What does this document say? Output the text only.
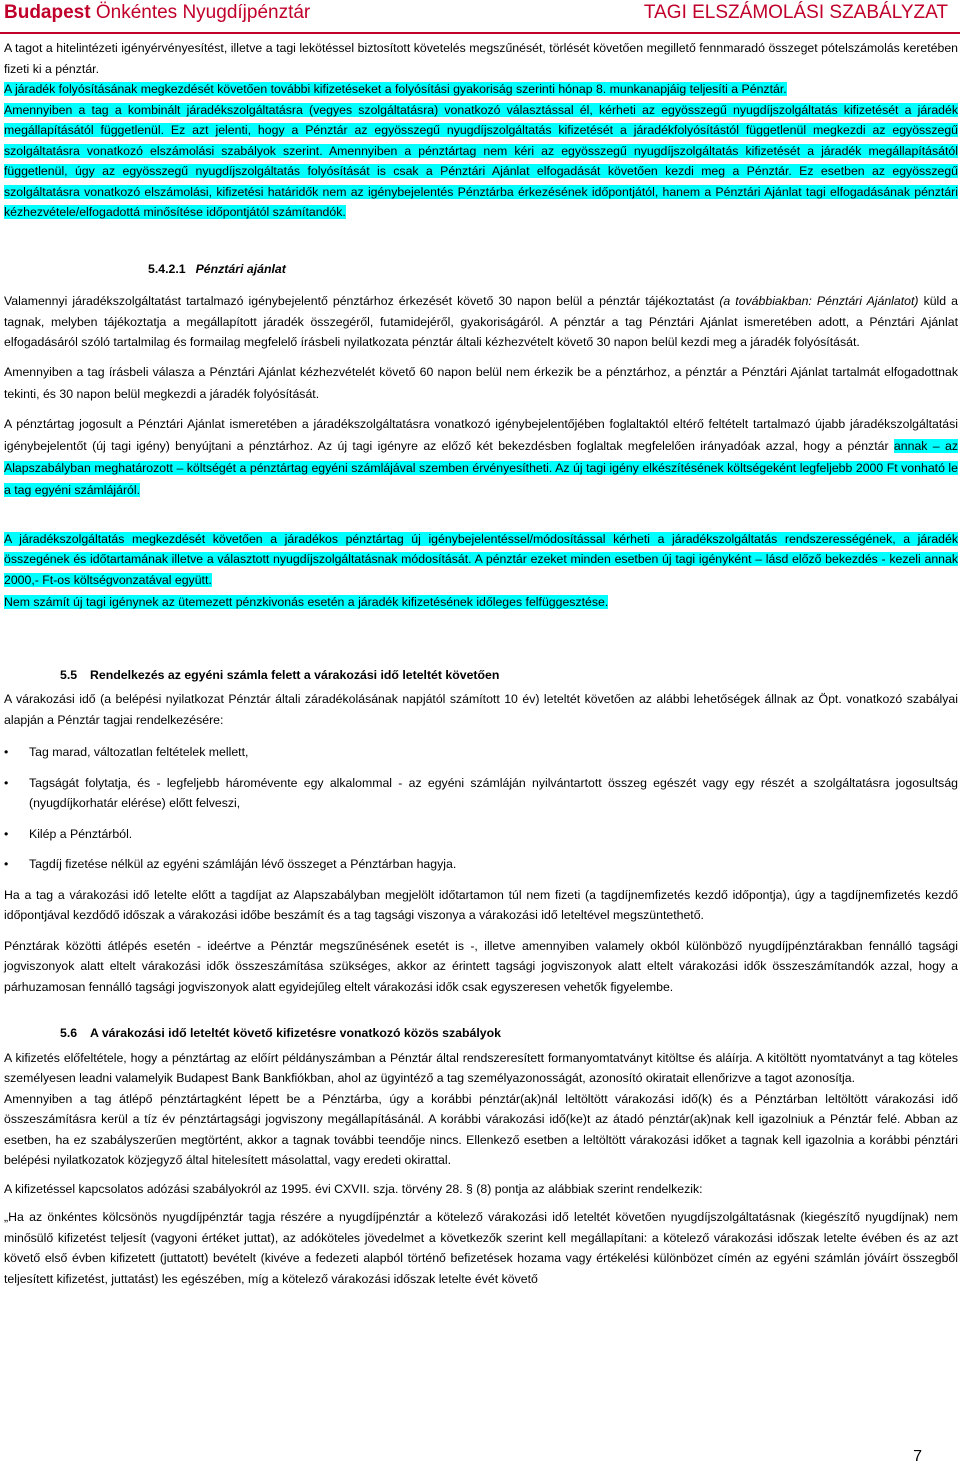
Budapest Önkéntes Nyugdíjpénztár	TAGI ELSZÁMOLÁSI SZABÁLYZAT

A tagot a hitelintézeti igényérvényesítést, illetve a tagi lekötéssel biztosított követelés megszűnését, törlését követően megillető fennmaradó összeget pótelszámolás keretében fizeti ki a pénztár.

A járadék folyósításának megkezdését követően további kifizetéseket a folyósítási gyakoriság szerinti hónap 8. munkanapjáig teljesíti a Pénztár.

Amennyiben a tag a kombinált járadékszolgáltatásra (vegyes szolgáltatásra) vonatkozó választással él, kérheti az egyösszegű nyugdíjszolgáltatás kifizetését a járadék megállapításától függetlenül. Ez azt jelenti, hogy a Pénztár az egyösszegű nyugdíjszolgáltatás kifizetését a járadékfolyósítástól függetlenül megkezdi az egyösszegű szolgáltatásra vonatkozó elszámolási szabályok szerint. Amennyiben a pénztártag nem kéri az egyösszegű nyugdíjszolgáltatás kifizetését a járadék megállapításától függetlenül, úgy az egyösszegű nyugdíjszolgáltatás folyósítását is csak a Pénztári Ajánlat elfogadását követően kezdi meg a Pénztár. Ez esetben az egyösszegű szolgáltatásra vonatkozó elszámolási, kifizetési határidők nem az igénybejelentés Pénztárba érkezésének időpontjától, hanem a Pénztári Ajánlat tagi elfogadásának pénztári kézhezvétele/elfogadottá minősítése időpontjától számítandók.

5.4.2.1 Pénztári ajánlat

Valamennyi járadékszolgáltatást tartalmazó igénybejelentő pénztárhoz érkezését követő 30 napon belül a pénztár tájékoztatást (a továbbiakban: Pénztári Ajánlatot) küld a tagnak, melyben tájékoztatja a megállapított járadék összegéről, futamidejéről, gyakoriságáról. A pénztár a tag Pénztári Ajánlat ismeretében adott, a Pénztári Ajánlat elfogadásáról szóló tartalmilag és formailag megfelelő írásbeli nyilatkozata pénztár általi kézhezvételt követő 30 napon belül kezdi meg a járadék folyósítását.

Amennyiben a tag írásbeli válasza a Pénztári Ajánlat kézhezvételét követő 60 napon belül nem érkezik be a pénztárhoz, a pénztár a Pénztári Ajánlat tartalmát elfogadottnak tekinti, és 30 napon belül megkezdi a járadék folyósítását.

A pénztártag jogosult a Pénztári Ajánlat ismeretében a járadékszolgáltatásra vonatkozó igénybejelentőjében foglaltaktól eltérő feltételt tartalmazó újabb járadékszolgáltatási igénybejelentőt (új tagi igény) benyújtani a pénztárhoz. Az új tagi igényre az előző két bekezdésben foglaltak megfelelően irányadóak azzal, hogy a pénztár annak – az Alapszabályban meghatározott – költségét a pénztártag egyéni számlájával szemben érvényesítheti. Az új tagi igény elkészítésének költségeként legfeljebb 2000 Ft vonható le a tag egyéni számlájáról.

A járadékszolgáltatás megkezdését követően a járadékos pénztártag új igénybejelentéssel/módosítással kérheti a járadékszolgáltatás rendszerességének, a járadék összegének és időtartamának illetve a választott nyugdíjszolgáltatásnak módosítását. A pénztár ezeket minden esetben új tagi igényként – lásd előző bekezdés - kezeli annak 2000,- Ft-os költségvonzatával együtt.

Nem számít új tagi igénynek az ütemezett pénzkivonás esetén a járadék kifizetésének időleges felfüggesztése.

5.5 Rendelkezés az egyéni számla felett a várakozási idő leteltét követően

A várakozási idő (a belépési nyilatkozat Pénztár általi záradékolásának napjától számított 10 év) leteltét követően az alábbi lehetőségek állnak az Öpt. vonatkozó szabályai alapján a Pénztár tagjai rendelkezésére:

• Tag marad, változatlan feltételek mellett,
• Tagságát folytatja, és - legfeljebb háromévente egy alkalommal - az egyéni számláján nyilvántartott összeg egészét vagy egy részét a szolgáltatásra jogosultság (nyugdíjkorhatár elérése) előtt felveszi,
• Kilép a Pénztárból.
• Tagdíj fizetése nélkül az egyéni számláján lévő összeget a Pénztárban hagyja.

Ha a tag a várakozási idő letelte előtt a tagdíjat az Alapszabályban megjelölt időtartamon túl nem fizeti (a tagdíjnemfizetés kezdő időpontja), úgy a tagdíjnemfizetés kezdő időpontjával kezdődő időszak a várakozási időbe beszámít és a tag tagsági viszonya a várakozási idő leteltével megszüntethető.

Pénztárak közötti átlépés esetén - ideértve a Pénztár megszűnésének esetét is -, illetve amennyiben valamely okból különböző nyugdíjpénztárakban fennálló tagsági jogviszonyok alatt eltelt várakozási idők összeszámítása szükséges, akkor az érintett tagsági jogviszonyok alatt eltelt várakozási idők összeszámítandók azzal, hogy a párhuzamosan fennálló tagsági jogviszonyok alatt egyidejűleg eltelt várakozási idők csak egyszeresen vehetők figyelembe.

5.6 A várakozási idő leteltét követő kifizetésre vonatkozó közös szabályok

A kifizetés előfeltétele, hogy a pénztártag az előírt példányszámban a Pénztár által rendszeresített formanyomtatványt kitöltse és aláírja. A kitöltött nyomtatványt a tag köteles személyesen leadni valamelyik Budapest Bank Bankfiókban, ahol az ügyintéző a tag személyazonosságát, azonosító okiratait ellenőrizve a tagot azonosítja.

Amennyiben a tag átlépő pénztártagként lépett be a Pénztárba, úgy a korábbi pénztár(ak)nál leltöltött várakozási idő(k) és a Pénztárban leltöltött várakozási idő összeszámításra kerül a tíz év pénztártagsági jogviszony megállapításánál. A korábbi várakozási idő(ke)t az átadó pénztár(ak)nak kell igazolniuk a Pénztár felé. Abban az esetben, ha ez szabályszerűen megtörtént, akkor a tagnak további teendője nincs. Ellenkező esetben a leltöltött várakozási időket a tagnak kell igazolnia a korábbi pénztári belépési nyilatkozatok közjegyző által hitelesített másolattal, vagy eredeti okirattal.

A kifizetéssel kapcsolatos adózási szabályokról az 1995. évi CXVII. szja. törvény 28. § (8) pontja az alábbiak szerint rendelkezik:

„Ha az önkéntes kölcsönös nyugdíjpénztár tagja részére a nyugdíjpénztár a kötelező várakozási idő leteltét követően nyugdíjszolgáltatásnak (kiegészítő nyugdíjnak) nem minősülő kifizetést teljesít (vagyoni értéket juttat), az adóköteles jövedelmet a következők szerint kell megállapítani: a kötelező várakozási időszak letelte évében és az azt követő első évben kifizetett (juttatott) bevételt (kivéve a fedezeti alapból történő befizetések hozama vagy értékelési különbözet címén az egyéni számlán jóváírt összegből teljesített kifizetést, juttatást) les egészében, míg a kötelező várakozási időszak letelte évét követő

7
